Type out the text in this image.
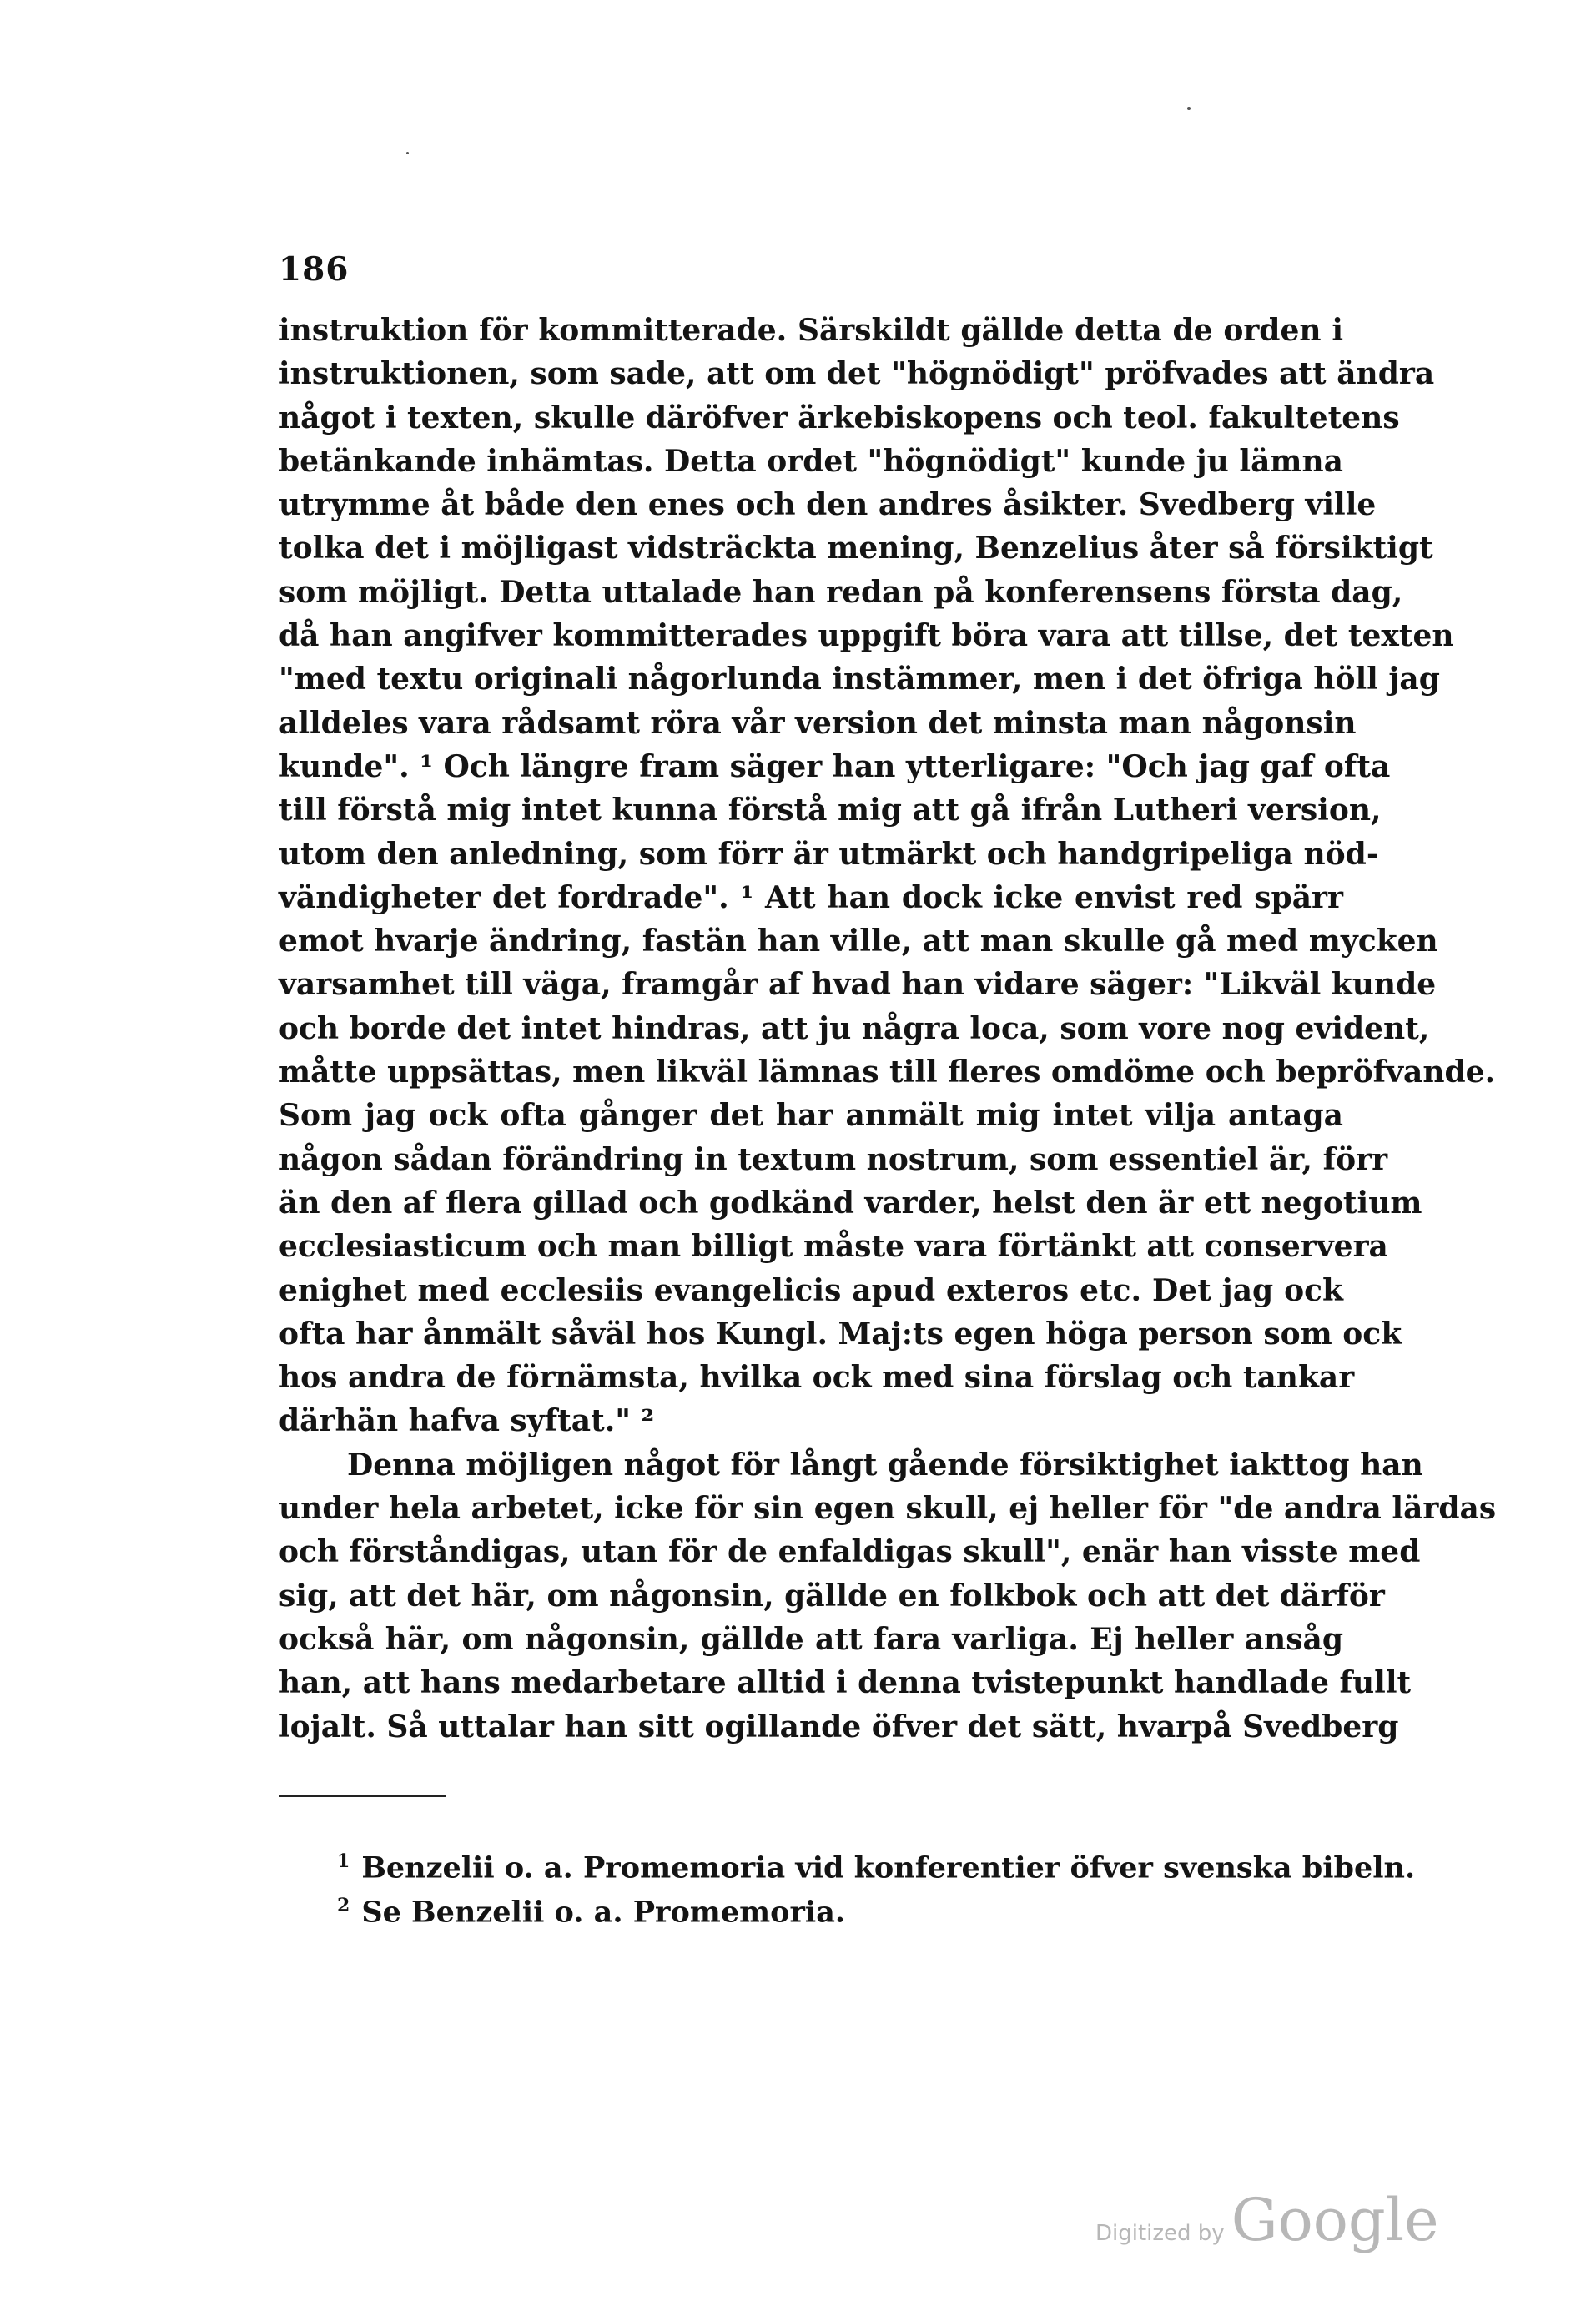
186
instruktion för kommitterade. Särskildt gällde detta de orden i
instruktionen, som sade, att om det "högnödigt" pröfvades att ändra
något i texten, skulle däröfver ärkebiskopens och teol. fakultetens
betänkande inhämtas. Detta ordet "högnödigt" kunde ju lämna
utrymme åt både den enes och den andres åsikter. Svedberg ville
tolka det i möjligast vidsträckta mening, Benzelius åter så försiktigt
som möjligt. Detta uttalade han redan på konferensens första dag,
då han angifver kommitterades uppgift böra vara att tillse, det texten
"med textu originali någorlunda instämmer, men i det öfriga höll jag
alldeles vara rådsamt röra vår version det minsta man någonsin
kunde". ¹ Och längre fram säger han ytterligare: "Och jag gaf ofta
till förstå mig intet kunna förstå mig att gå ifrån Lutheri version,
utom den anledning, som förr är utmärkt och handgripeliga nöd-
vändigheter det fordrade". ¹ Att han dock icke envist red spärr
emot hvarje ändring, fastän han ville, att man skulle gå med mycken
varsamhet till väga, framgår af hvad han vidare säger: "Likväl kunde
och borde det intet hindras, att ju några loca, som vore nog evident,
måtte uppsättas, men likväl lämnas till fleres omdöme och bepröfvande.
Som jag ock ofta gånger det har anmält mig intet vilja antaga
någon sådan förändring in textum nostrum, som essentiel är, förr
än den af flera gillad och godkänd varder, helst den är ett negotium
ecclesiasticum och man billigt måste vara förtänkt att conservera
enighet med ecclesiis evangelicis apud exteros etc. Det jag ock
ofta har ånmält såväl hos Kungl. Maj:ts egen höga person som ock
hos andra de förnämsta, hvilka ock med sina förslag och tankar
därhän hafva syftat." ²
Denna möjligen något för långt gående försiktighet iakttog han
under hela arbetet, icke för sin egen skull, ej heller för "de andra lärdas
och förståndigas, utan för de enfaldigas skull", enär han visste med
sig, att det här, om någonsin, gällde en folkbok och att det därför
också här, om någonsin, gällde att fara varliga. Ej heller ansåg
han, att hans medarbetare alltid i denna tvistepunkt handlade fullt
lojalt. Så uttalar han sitt ogillande öfver det sätt, hvarpå Svedberg
$^1$ Benzelii o. a. Promemoria vid konferentier öfver svenska bibeln.
$^2$ Se Benzelii o. a. Promemoria.
Digitized by Google
